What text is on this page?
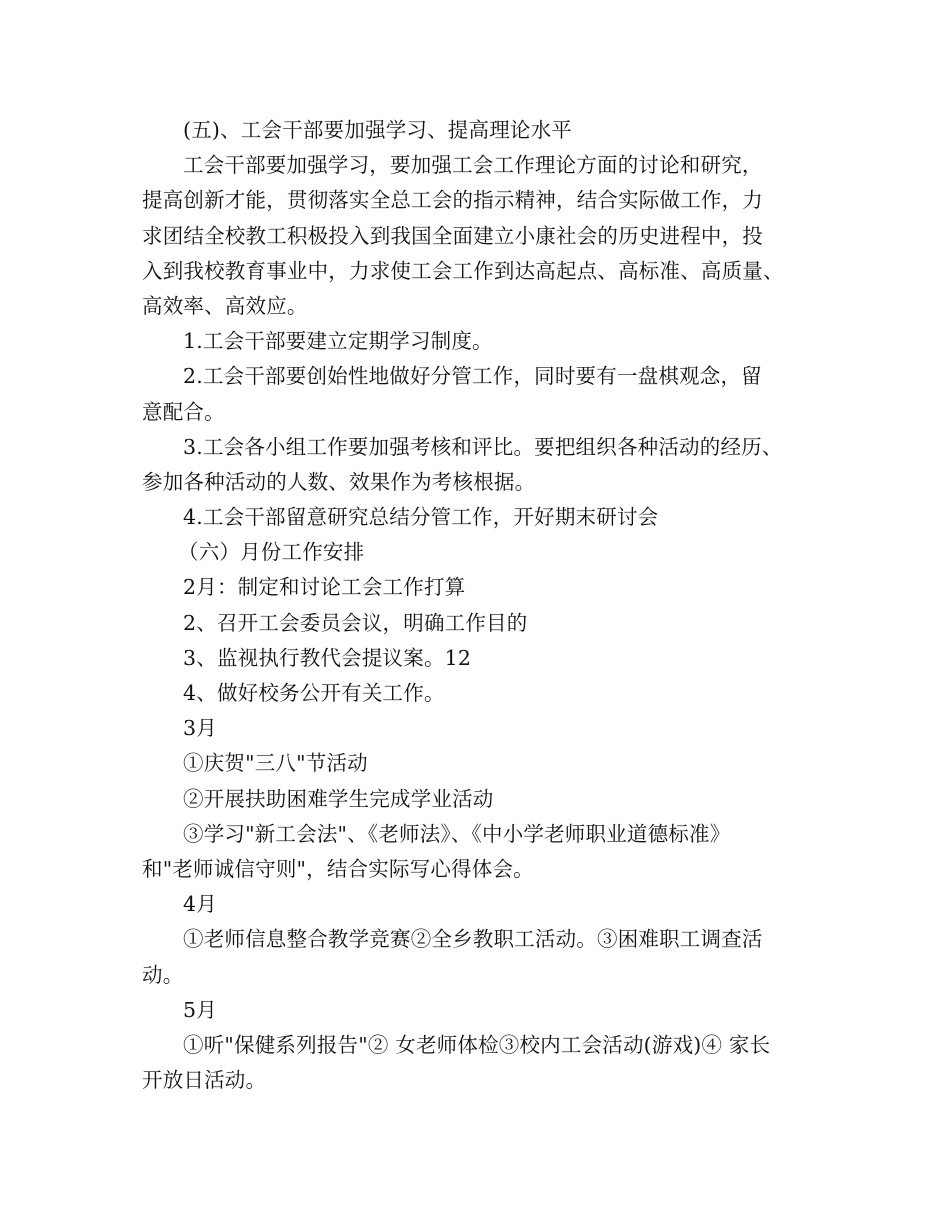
(五)、工会干部要加强学习、提高理论水平
工会干部要加强学习，要加强工会工作理论方面的讨论和研究，
提高创新才能，贯彻落实全总工会的指示精神，结合实际做工作，力
求团结全校教工积极投入到我国全面建立小康社会的历史进程中，投
入到我校教育事业中，力求使工会工作到达高起点、高标准、高质量、
高效率、高效应。
1.工会干部要建立定期学习制度。
2.工会干部要创始性地做好分管工作，同时要有一盘棋观念，留
意配合。
3.工会各小组工作要加强考核和评比。要把组织各种活动的经历、
参加各种活动的人数、效果作为考核根据。
4.工会干部留意研究总结分管工作，开好期末研讨会
（六）月份工作安排
2月：制定和讨论工会工作打算
2、召开工会委员会议，明确工作目的
3、监视执行教代会提议案。12
4、做好校务公开有关工作。
3月
①庆贺"三八"节活动
②开展扶助困难学生完成学业活动
③学习"新工会法"、《老师法》、《中小学老师职业道德标准》
和"老师诚信守则"，结合实际写心得体会。
4月
①老师信息整合教学竞赛②全乡教职工活动。③困难职工调查活
动。
5月
①听"保健系列报告"② 女老师体检③校内工会活动(游戏)④ 家长
开放日活动。
